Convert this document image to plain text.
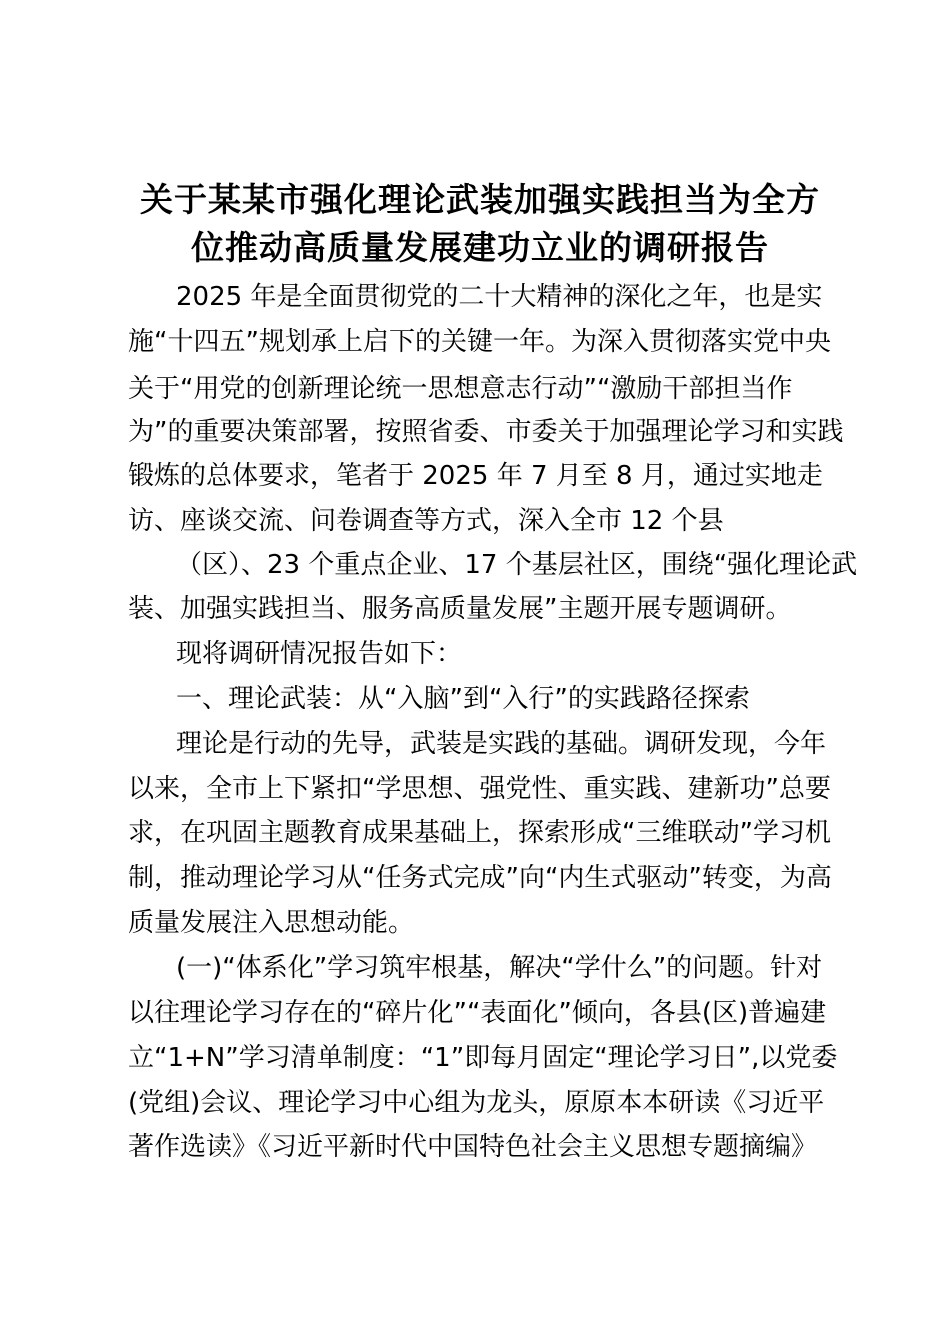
关于某某市强化理论武装加强实践担当为全方
位推动高质量发展建功立业的调研报告
　2025 年是全面贯彻党的二十大精神的深化之年，也是实
施“十四五”规划承上启下的关键一年。为深入贯彻落实党中央
关于“用党的创新理论统一思想意志行动”“激励干部担当作
为”的重要决策部署，按照省委、市委关于加强理论学习和实践
锻炼的总体要求，笔者于 2025 年 7 月至 8 月，通过实地走
访、座谈交流、问卷调查等方式，深入全市 12 个县
（区）、23 个重点企业、17 个基层社区，围绕“强化理论武
装、加强实践担当、服务高质量发展”主题开展专题调研。
　现将调研情况报告如下：
　一、理论武装：从“入脑”到“入行”的实践路径探索
　理论是行动的先导，武装是实践的基础。调研发现，今年
以来，全市上下紧扣“学思想、强党性、重实践、建新功”总要
求，在巩固主题教育成果基础上，探索形成“三维联动”学习机
制，推动理论学习从“任务式完成”向“内生式驱动”转变，为高
质量发展注入思想动能。
　(一)“体系化”学习筑牢根基，解决“学什么”的问题。针对
以往理论学习存在的“碎片化”“表面化”倾向，各县(区)普遍建
立“1+N”学习清单制度：“1”即每月固定“理论学习日”,以党委
(党组)会议、理论学习中心组为龙头，原原本本研读《习近平
著作选读》《习近平新时代中国特色社会主义思想专题摘编》
